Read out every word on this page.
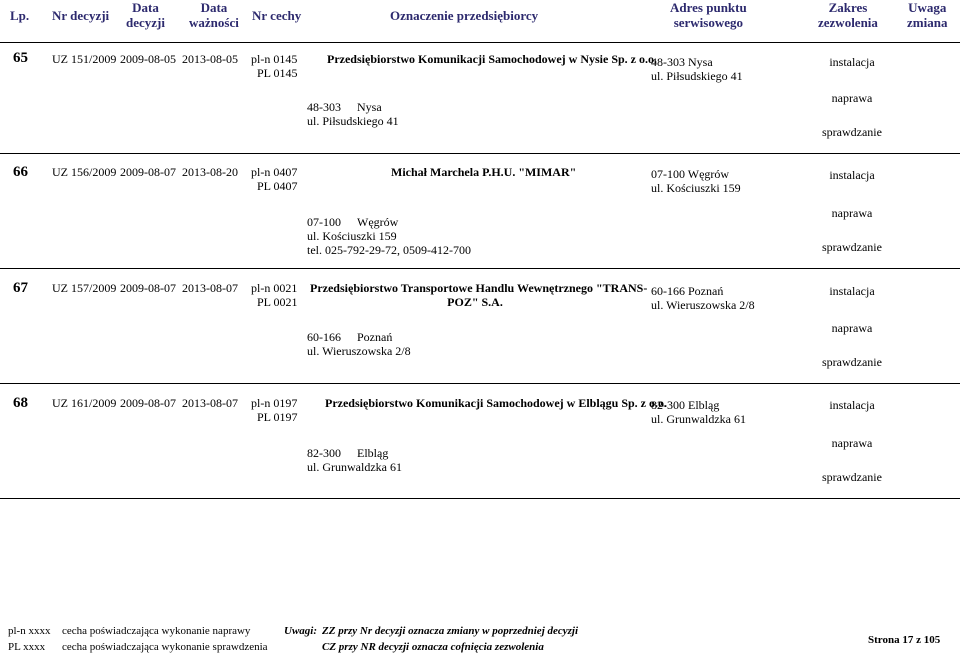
Lp. Nr decyzji
Data
decyzji
Data
ważności Nr cechy	Oznaczenie przedsiębiorcy
Adres punktu
serwisowego
Zakres
zezwolenia
Uwaga
zmiana
65 UZ 151/2009 2009-08-05 2013-08-05 pl-n 0145
PL 0145
Przedsiębiorstwo Komunikacji Samochodowej w Nysie Sp. z o.o.
48-303 Nysa
ul. Piłsudskiego 41
48-303 Nysa
ul. Piłsudskiego 41
instalacja
naprawa
sprawdzanie
66 UZ 156/2009 2009-08-07 2013-08-20 pl-n 0407
PL 0407
Michał Marchela P.H.U. "MIMAR"
07-100 Węgrów
ul. Kościuszki 159
tel. 025-792-29-72, 0509-412-700
07-100 Węgrów
ul. Kościuszki 159
instalacja
naprawa
sprawdzanie
67 UZ 157/2009 2009-08-07 2013-08-07 pl-n 0021
PL 0021
Przedsiębiorstwo Transportowe Handlu Wewnętrznego "TRANS-
POZ" S.A.
60-166 Poznań
ul. Wieruszowska 2/8
60-166 Poznań
ul. Wieruszowska 2/8
instalacja
naprawa
sprawdzanie
68 UZ 161/2009 2009-08-07 2013-08-07 pl-n 0197
PL 0197
Przedsiębiorstwo Komunikacji Samochodowej w Elblągu Sp. z o.o.
82-300 Elbląg
ul. Grunwaldzka 61
82-300 Elbląg
ul. Grunwaldzka 61
instalacja
naprawa
sprawdzanie
pl-n xxxx cecha poświadczająca wykonanie naprawy
PL xxxx cecha poświadczająca wykonanie sprawdzenia
Uwagi: ZZ przy Nr decyzji oznacza zmiany w poprzedniej decyzji
CZ przy NR decyzji oznacza cofnięcia zezwolenia
Strona 17 z 105
